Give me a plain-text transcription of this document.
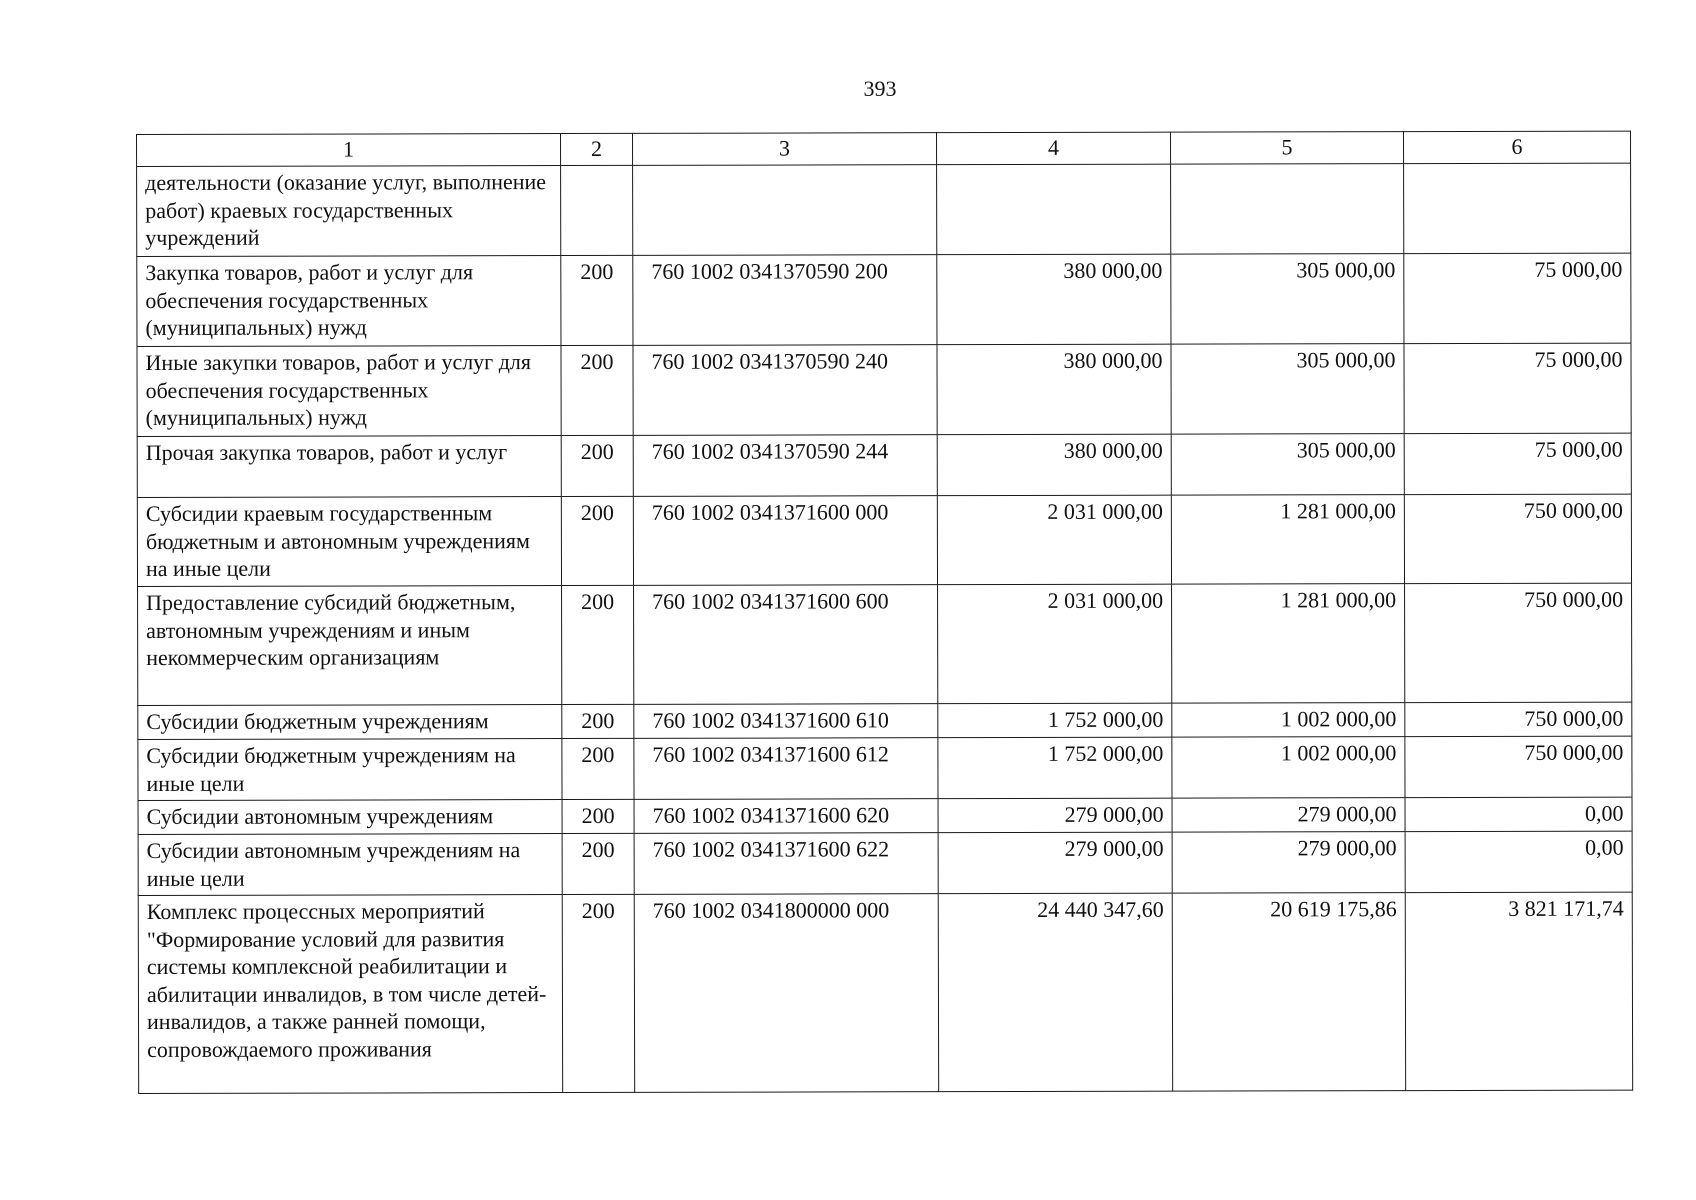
393
1	2	3	4	5	6
деятельности (оказание услуг, выполнение работ) краевых государственных учреждений					
Закупка товаров, работ и услуг для обеспечения государственных (муниципальных) нужд	200	760 1002 0341370590 200	380 000,00	305 000,00	75 000,00
Иные закупки товаров, работ и услуг для обеспечения государственных (муниципальных) нужд	200	760 1002 0341370590 240	380 000,00	305 000,00	75 000,00
Прочая закупка товаров, работ и услуг	200	760 1002 0341370590 244	380 000,00	305 000,00	75 000,00
Субсидии краевым государственным бюджетным и автономным учреждениям на иные цели	200	760 1002 0341371600 000	2 031 000,00	1 281 000,00	750 000,00
Предоставление субсидий бюджетным, автономным учреждениям и иным некоммерческим организациям	200	760 1002 0341371600 600	2 031 000,00	1 281 000,00	750 000,00
Субсидии бюджетным учреждениям	200	760 1002 0341371600 610	1 752 000,00	1 002 000,00	750 000,00
Субсидии бюджетным учреждениям на иные цели	200	760 1002 0341371600 612	1 752 000,00	1 002 000,00	750 000,00
Субсидии автономным учреждениям	200	760 1002 0341371600 620	279 000,00	279 000,00	0,00
Субсидии автономным учреждениям на иные цели	200	760 1002 0341371600 622	279 000,00	279 000,00	0,00
Комплекс процессных мероприятий "Формирование условий для развития системы комплексной реабилитации и абилитации инвалидов, в том числе детей-инвалидов, а также ранней помощи, сопровождаемого проживания	200	760 1002 0341800000 000	24 440 347,60	20 619 175,86	3 821 171,74
